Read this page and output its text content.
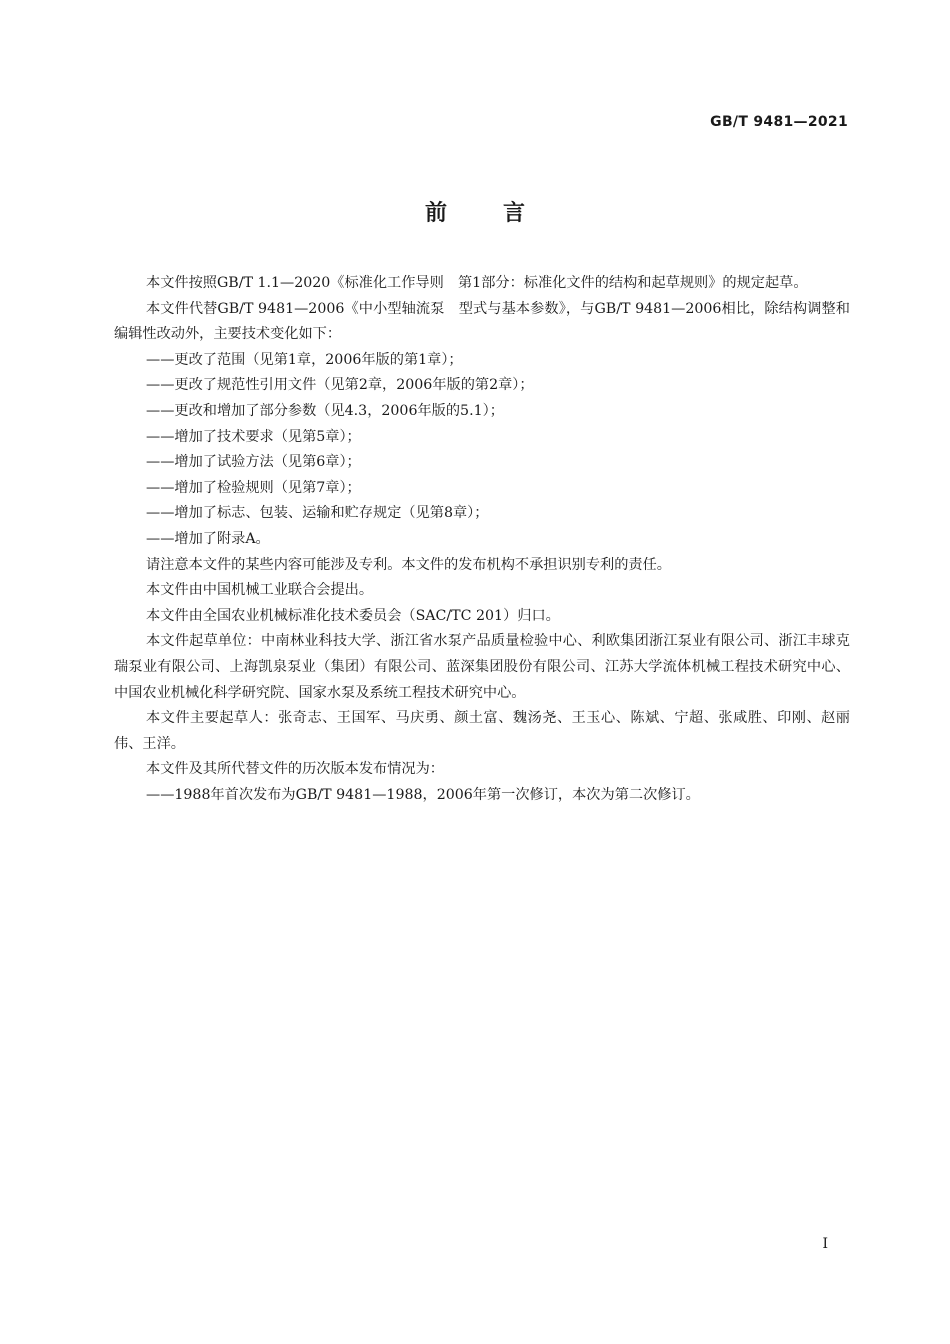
GB/T 9481—2021
前言

本文件按照GB/T 1.1—2020《标准化工作导则　第1部分：标准化文件的结构和起草规则》的规定起草。

本文件代替GB/T 9481—2006《中小型轴流泵　型式与基本参数》，与GB/T 9481—2006相比，除结构调整和编辑性改动外，主要技术变化如下：

——更改了范围（见第1章，2006年版的第1章）；

——更改了规范性引用文件（见第2章，2006年版的第2章）；

——更改和增加了部分参数（见4.3，2006年版的5.1）；

——增加了技术要求（见第5章）；

——增加了试验方法（见第6章）；

——增加了检验规则（见第7章）；

——增加了标志、包装、运输和贮存规定（见第8章）；

——增加了附录A。

请注意本文件的某些内容可能涉及专利。本文件的发布机构不承担识别专利的责任。

本文件由中国机械工业联合会提出。

本文件由全国农业机械标准化技术委员会（SAC/TC 201）归口。

本文件起草单位：中南林业科技大学、浙江省水泵产品质量检验中心、利欧集团浙江泵业有限公司、浙江丰球克瑞泵业有限公司、上海凯泉泵业（集团）有限公司、蓝深集团股份有限公司、江苏大学流体机械工程技术研究中心、中国农业机械化科学研究院、国家水泵及系统工程技术研究中心。

本文件主要起草人：张奇志、王国军、马庆勇、颜土富、魏汤尧、王玉心、陈斌、宁超、张咸胜、印刚、赵丽伟、王洋。

本文件及其所代替文件的历次版本发布情况为：

——1988年首次发布为GB/T 9481—1988，2006年第一次修订，本次为第二次修订。

I
